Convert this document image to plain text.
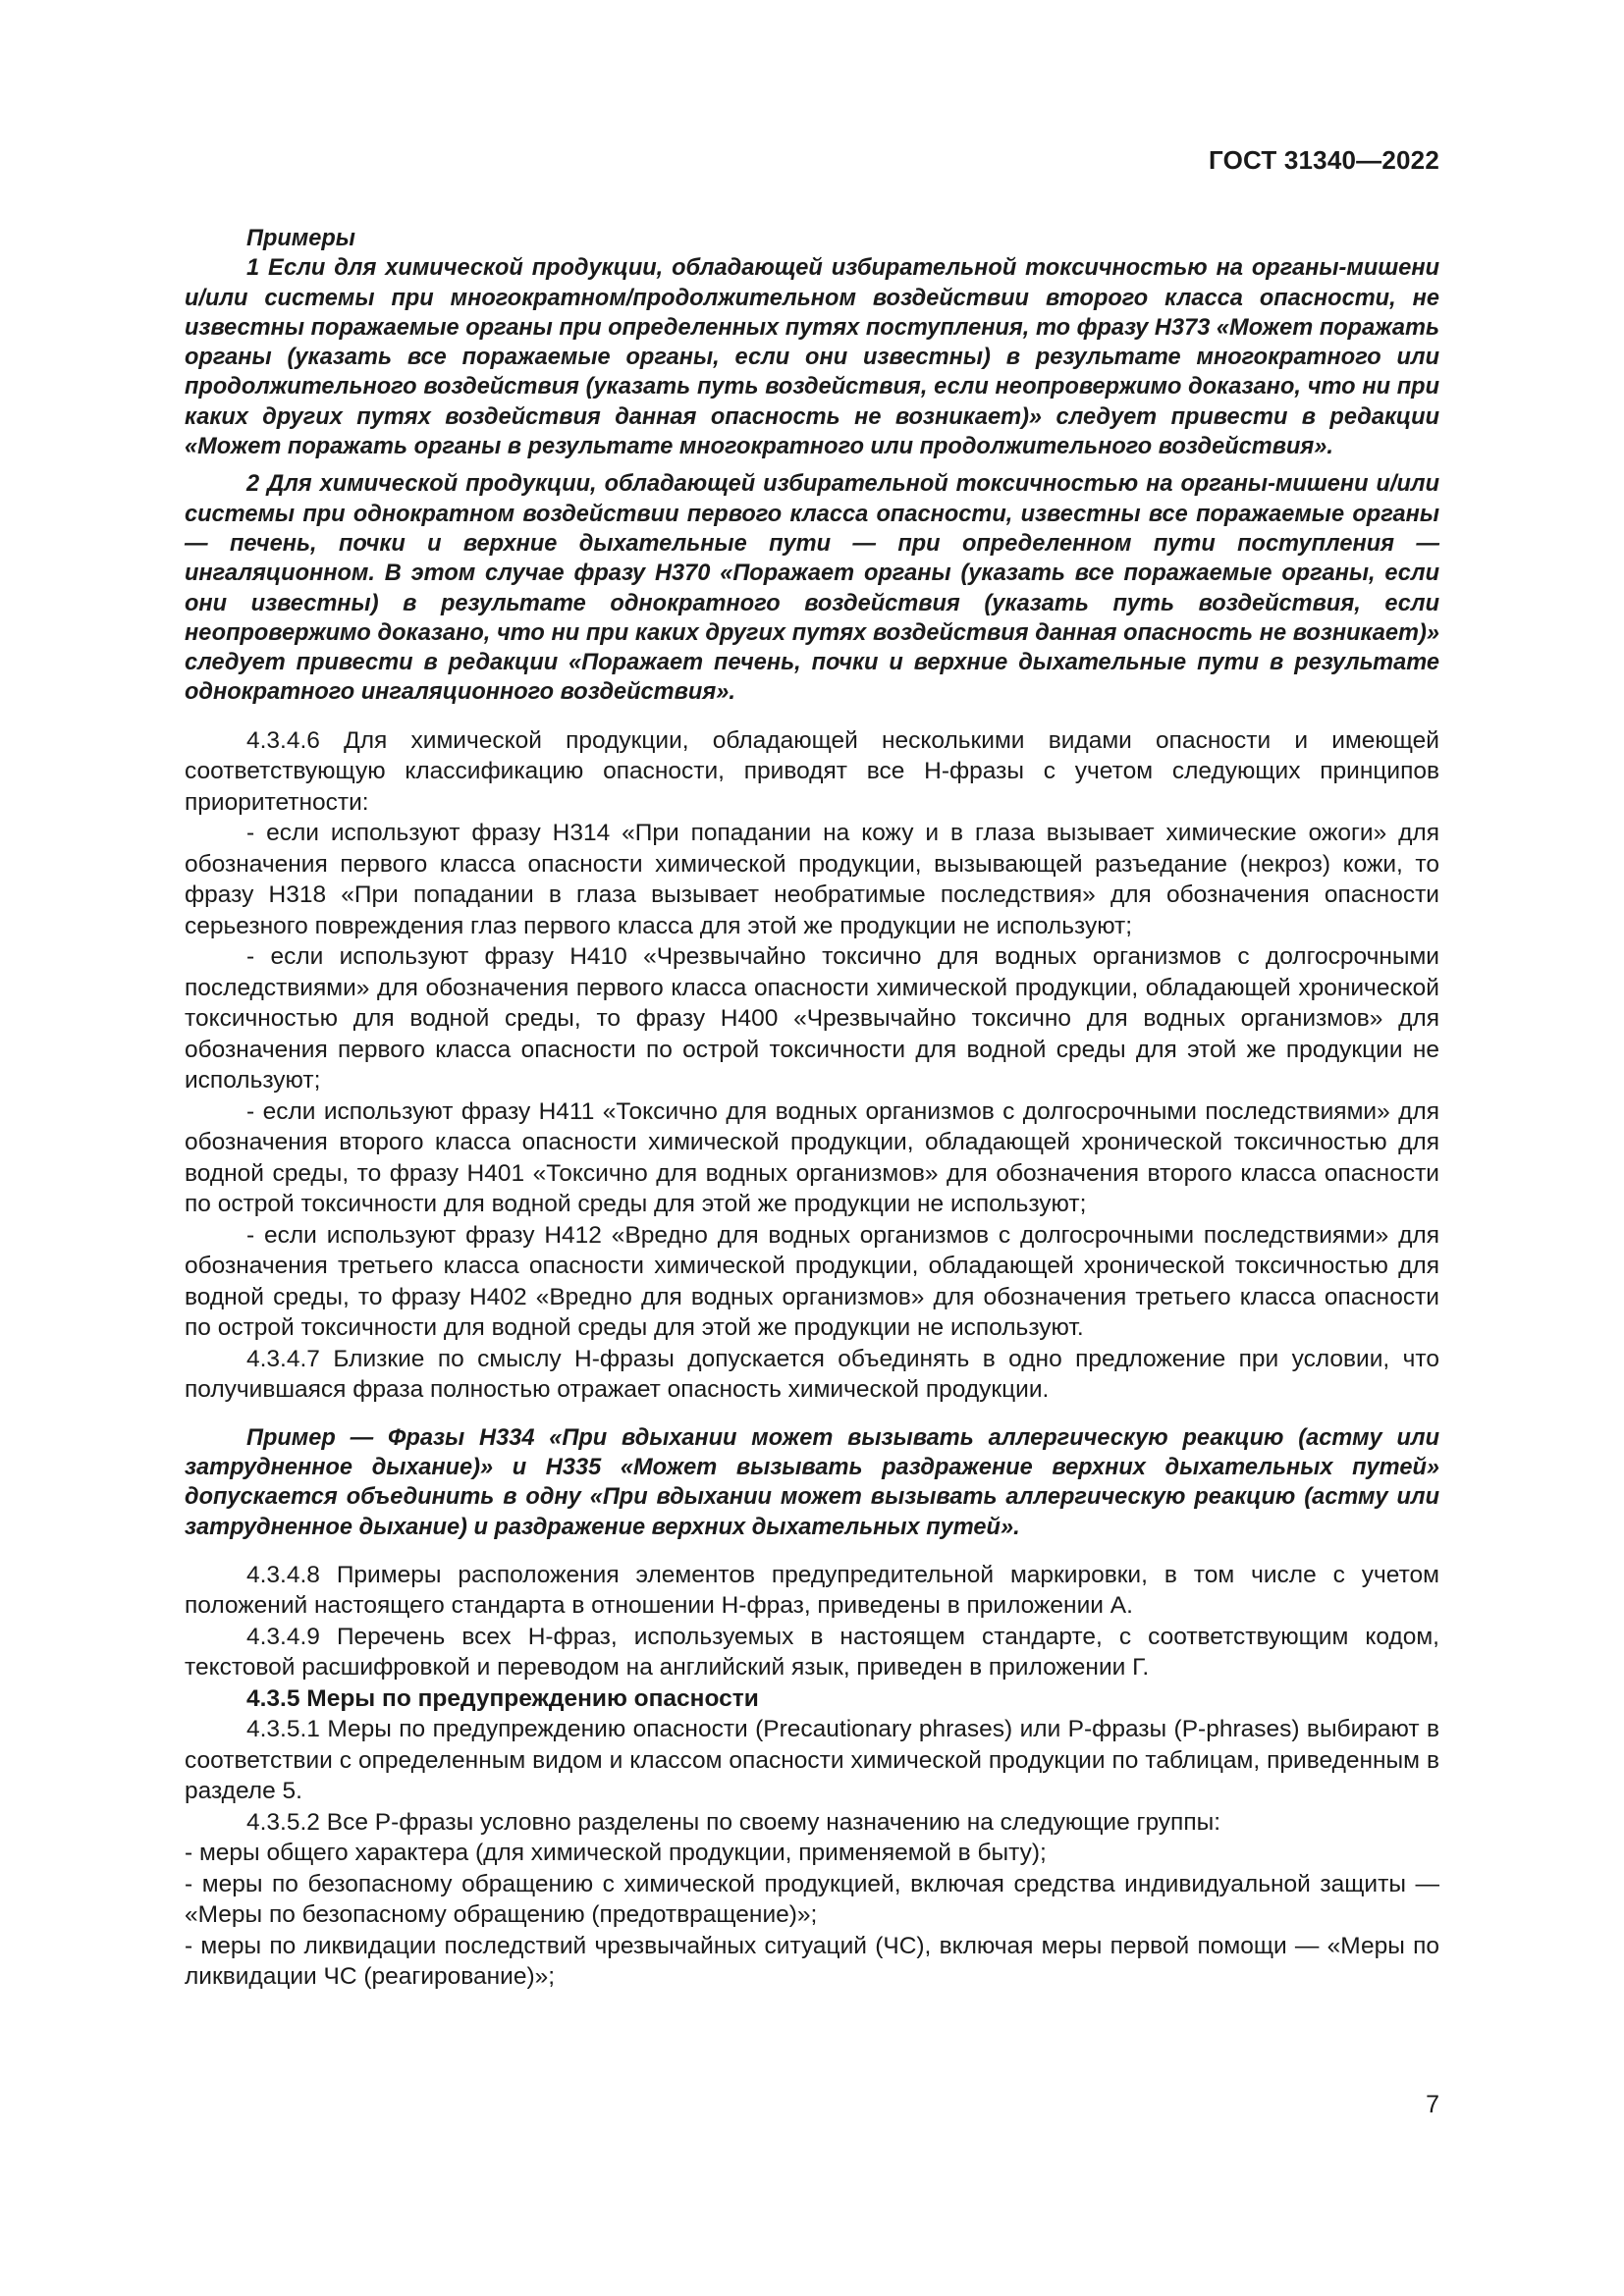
ГОСТ 31340—2022

Примеры

1 Если для химической продукции, обладающей избирательной токсичностью на органы-мишени и/или системы при многократном/продолжительном воздействии второго класса опасности, не известны поражаемые органы при определенных путях поступления, то фразу Н373 «Может поражать органы (указать все поражаемые органы, если они известны) в результате многократного или продолжительного воздействия (указать путь воздействия, если неопровержимо доказано, что ни при каких других путях воздействия данная опасность не возникает)» следует привести в редакции «Может поражать органы в результате многократного или продолжительного воздействия».

2 Для химической продукции, обладающей избирательной токсичностью на органы-мишени и/или системы при однократном воздействии первого класса опасности, известны все поражаемые органы — печень, почки и верхние дыхательные пути — при определенном пути поступления — ингаляционном. В этом случае фразу Н370 «Поражает органы (указать все поражаемые органы, если они известны) в результате однократного воздействия (указать путь воздействия, если неопровержимо доказано, что ни при каких других путях воздействия данная опасность не возникает)» следует привести в редакции «Поражает печень, почки и верхние дыхательные пути в результате однократного ингаляционного воздействия».

4.3.4.6 Для химической продукции, обладающей несколькими видами опасности и имеющей соответствующую классификацию опасности, приводят все Н-фразы с учетом следующих принципов приоритетности:

- если используют фразу Н314 «При попадании на кожу и в глаза вызывает химические ожоги» для обозначения первого класса опасности химической продукции, вызывающей разъедание (некроз) кожи, то фразу Н318 «При попадании в глаза вызывает необратимые последствия» для обозначения опасности серьезного повреждения глаз первого класса для этой же продукции не используют;

- если используют фразу Н410 «Чрезвычайно токсично для водных организмов с долгосрочными последствиями» для обозначения первого класса опасности химической продукции, обладающей хронической токсичностью для водной среды, то фразу Н400 «Чрезвычайно токсично для водных организмов» для обозначения первого класса опасности по острой токсичности для водной среды для этой же продукции не используют;

- если используют фразу Н411 «Токсично для водных организмов с долгосрочными последствиями» для обозначения второго класса опасности химической продукции, обладающей хронической токсичностью для водной среды, то фразу Н401 «Токсично для водных организмов» для обозначения второго класса опасности по острой токсичности для водной среды для этой же продукции не используют;

- если используют фразу Н412 «Вредно для водных организмов с долгосрочными последствиями» для обозначения третьего класса опасности химической продукции, обладающей хронической токсичностью для водной среды, то фразу Н402 «Вредно для водных организмов» для обозначения третьего класса опасности по острой токсичности для водной среды для этой же продукции не используют.

4.3.4.7 Близкие по смыслу Н-фразы допускается объединять в одно предложение при условии, что получившаяся фраза полностью отражает опасность химической продукции.

Пример — Фразы Н334 «При вдыхании может вызывать аллергическую реакцию (астму или затрудненное дыхание)» и Н335 «Может вызывать раздражение верхних дыхательных путей» допускается объединить в одну «При вдыхании может вызывать аллергическую реакцию (астму или затрудненное дыхание) и раздражение верхних дыхательных путей».

4.3.4.8 Примеры расположения элементов предупредительной маркировки, в том числе с учетом положений настоящего стандарта в отношении Н-фраз, приведены в приложении А.

4.3.4.9 Перечень всех Н-фраз, используемых в настоящем стандарте, с соответствующим кодом, текстовой расшифровкой и переводом на английский язык, приведен в приложении Г.

4.3.5 Меры по предупреждению опасности

4.3.5.1 Меры по предупреждению опасности (Precautionary phrases) или Р-фразы (P-phrases) выбирают в соответствии с определенным видом и классом опасности химической продукции по таблицам, приведенным в разделе 5.

4.3.5.2 Все Р-фразы условно разделены по своему назначению на следующие группы:

- меры общего характера (для химической продукции, применяемой в быту);

- меры по безопасному обращению с химической продукцией, включая средства индивидуальной защиты — «Меры по безопасному обращению (предотвращение)»;

- меры по ликвидации последствий чрезвычайных ситуаций (ЧС), включая меры первой помощи — «Меры по ликвидации ЧС (реагирование)»;

7
